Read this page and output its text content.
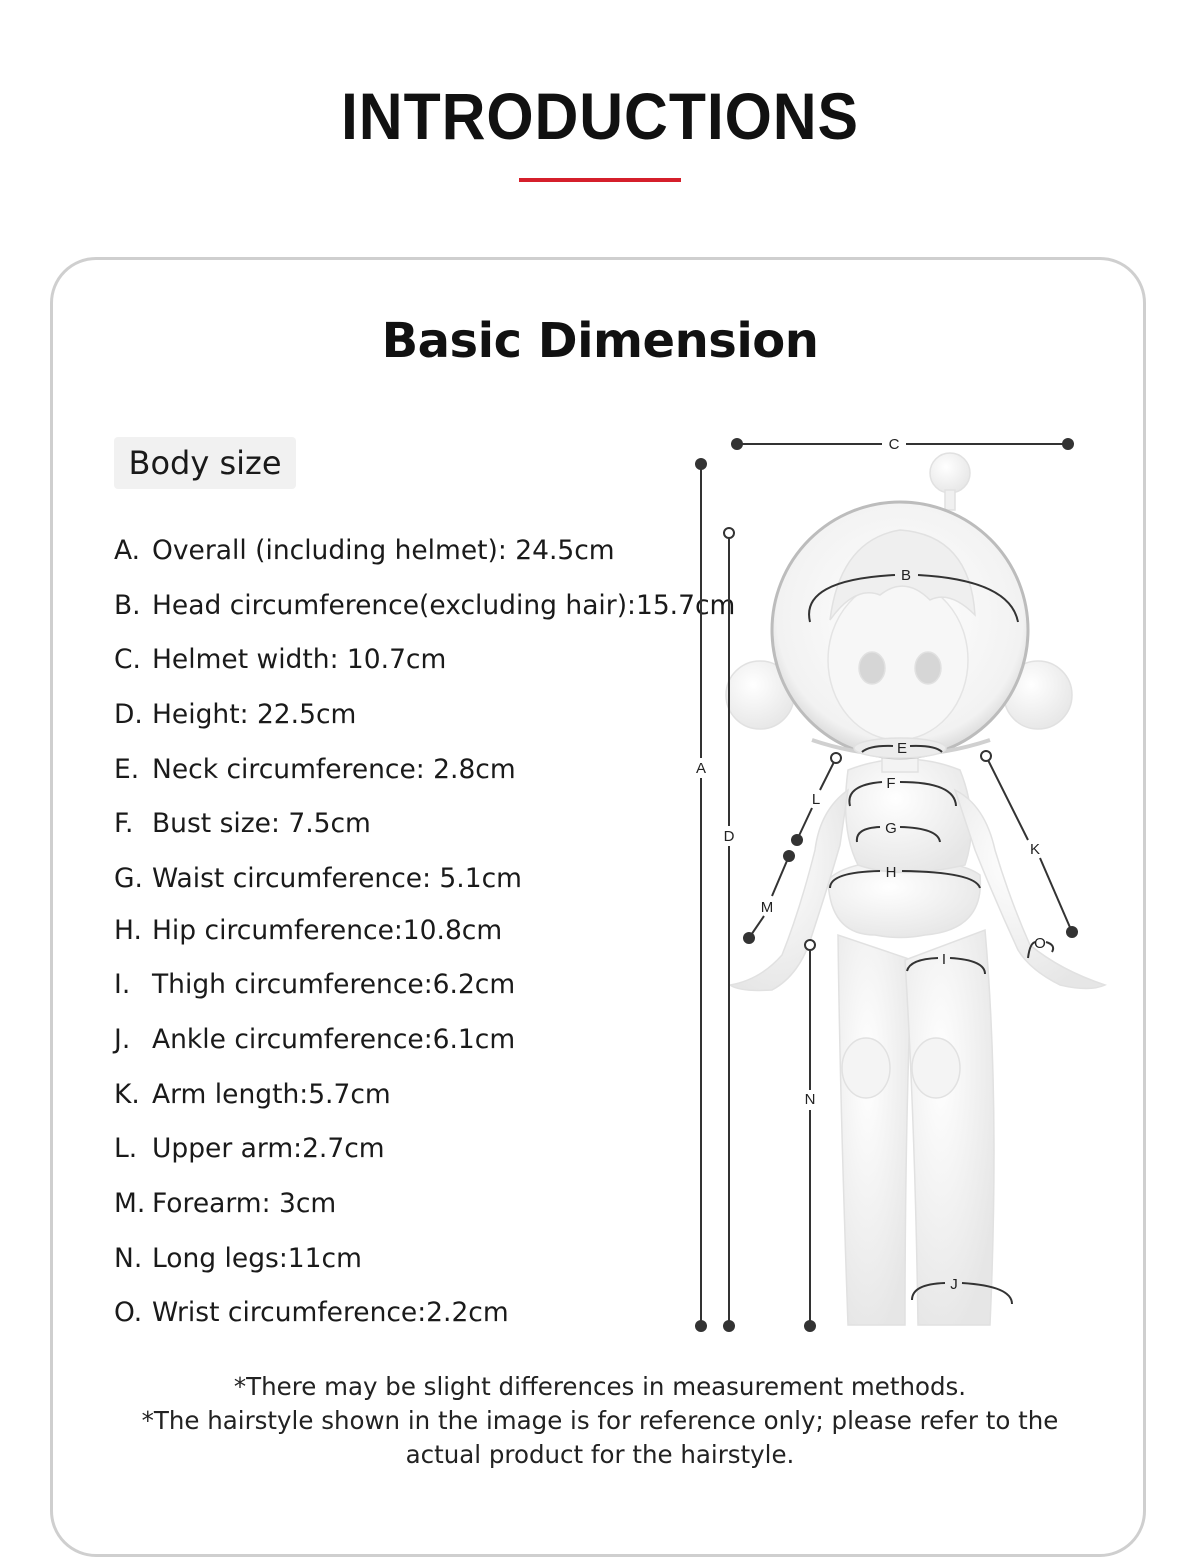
INTRODUCTIONS
Basic Dimension
Body size
A. Overall (including helmet): 24.5cm
B. Head circumference(excluding hair):15.7cm
C. Helmet width: 10.7cm
D. Height: 22.5cm
E. Neck circumference: 2.8cm
F. Bust size: 7.5cm
G. Waist circumference: 5.1cm
H. Hip circumference:10.8cm
I. Thigh circumference:6.2cm
J. Ankle circumference:6.1cm
K. Arm length:5.7cm
L. Upper arm:2.7cm
M. Forearm: 3cm
N. Long legs:11cm
O. Wrist circumference:2.2cm
A
D
C
B
E
F
G
H
I
J
K
L
M
N
O
*There may be slight differences in measurement methods.
*The hairstyle shown in the image is for reference only; please refer to the
actual product for the hairstyle.
